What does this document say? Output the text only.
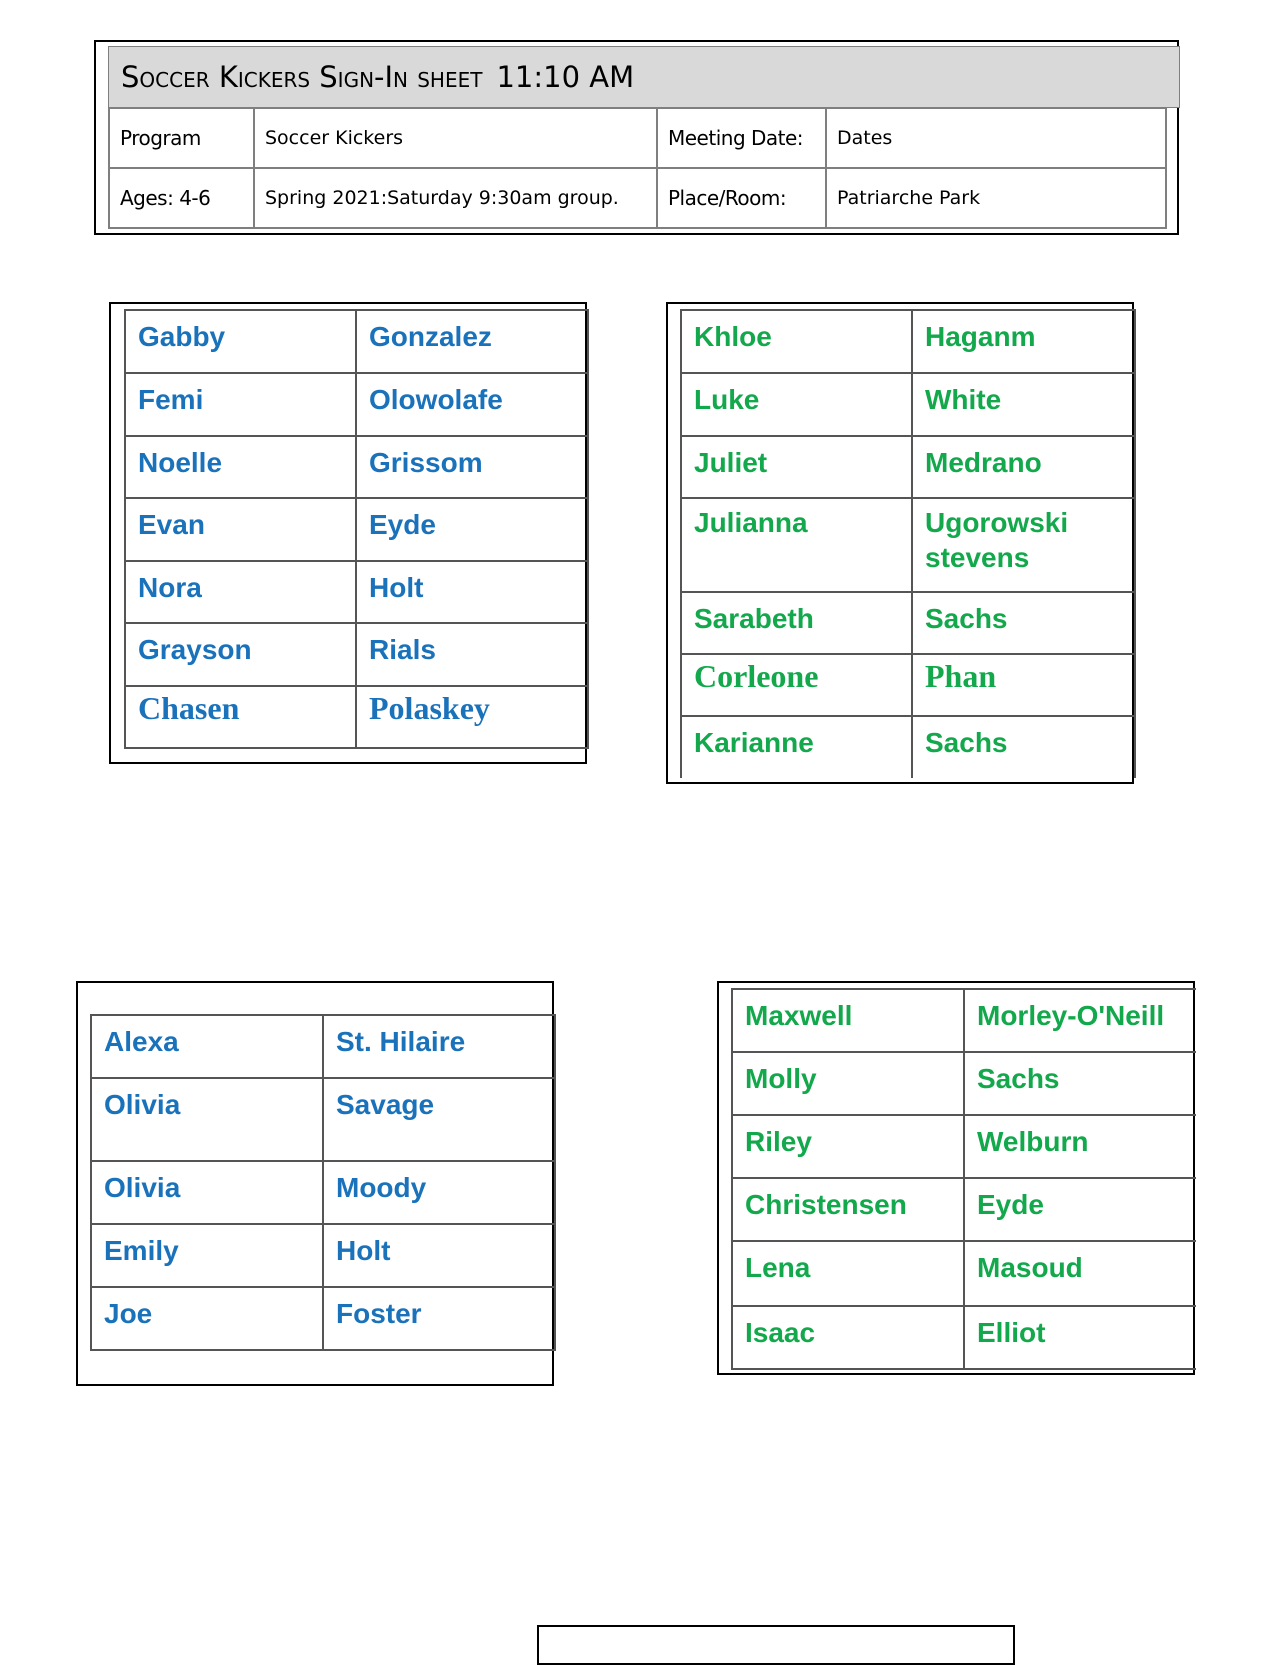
Soccer Kickers Sign-In sheet 11:10 AM
Program	Soccer Kickers	Meeting Date:	Dates
Ages: 4-6	Spring 2021:Saturday 9:30am group.	Place/Room:	Patriarche Park
Gabby	Gonzalez
Femi	Olowolafe
Noelle	Grissom
Evan	Eyde
Nora	Holt
Grayson	Rials
Chasen	Polaskey
Khloe	Haganm
Luke	White
Juliet	Medrano
Julianna	Ugorowski stevens
Sarabeth	Sachs
Corleone	Phan
Karianne	Sachs
Alexa	St. Hilaire
Olivia	Savage
Olivia	Moody
Emily	Holt
Joe	Foster
Maxwell	Morley-O'Neill
Molly	Sachs
Riley	Welburn
Christensen	Eyde
Lena	Masoud
Isaac	Elliot
